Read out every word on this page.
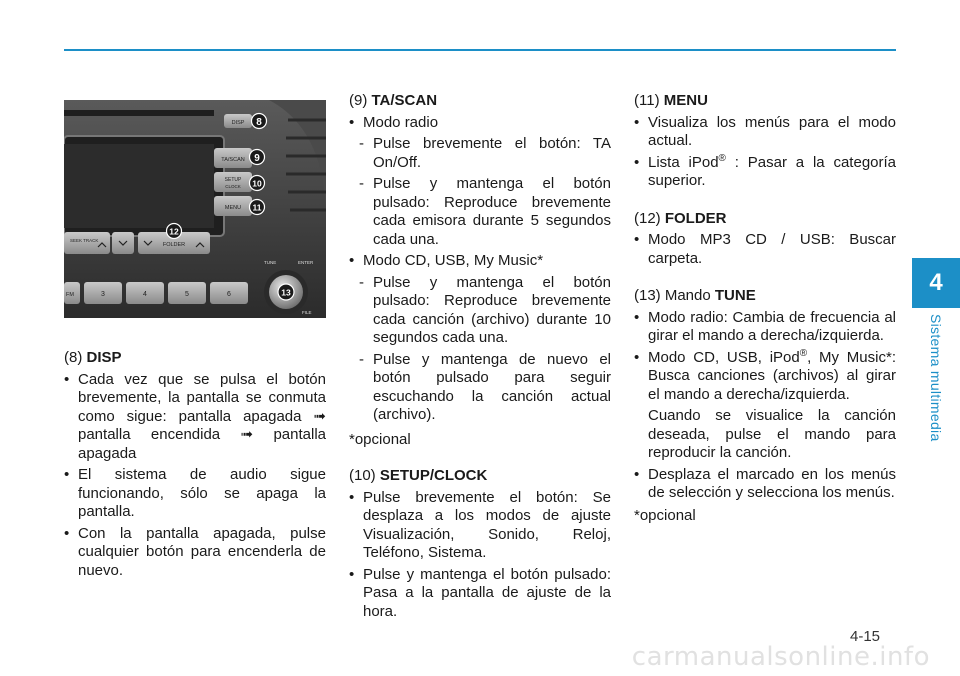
DISP
TA/SCAN
SETUP
CLOCK
MENU
SEEK TRACK
FOLDER
FM	3	4	5	6
TUNE	ENTER
FILE
8
9
10
11
12
13

(8) DISP

• Cada vez que se pulsa el botón brevemente, la pantalla se conmuta como sigue: pantalla apagada ➟ pantalla encendida ➟ pantalla apagada

• El sistema de audio sigue funcionando, sólo se apaga la pantalla.

• Con la pantalla apagada, pulse cualquier botón para encenderla de nuevo.

(9) TA/SCAN

• Modo radio

- Pulse brevemente el botón: TA On/Off.

- Pulse y mantenga el botón pulsado: Reproduce brevemente cada emisora durante 5 segundos cada una.

• Modo CD, USB, My Music*

- Pulse y mantenga el botón pulsado: Reproduce brevemente cada canción (archivo) durante 10 segundos cada una.

- Pulse y mantenga de nuevo el botón pulsado para seguir escuchando la canción actual (archivo).

*opcional

(10) SETUP/CLOCK

• Pulse brevemente el botón: Se desplaza a los modos de ajuste Visualización, Sonido, Reloj, Teléfono, Sistema.

• Pulse y mantenga el botón pulsado: Pasa a la pantalla de ajuste de la hora.

(11) MENU

• Visualiza los menús para el modo actual.

• Lista iPod® : Pasar a la categoría superior.

(12) FOLDER

• Modo MP3 CD / USB: Buscar carpeta.

(13) Mando TUNE

• Modo radio: Cambia de frecuencia al girar el mando a derecha/izquierda.

• Modo CD, USB, iPod®, My Music*: Busca canciones (archivos) al girar el mando a derecha/izquierda.

Cuando se visualice la canción deseada, pulse el mando para reproducir la canción.

• Desplaza el marcado en los menús de selección y selecciona los menús.

*opcional

4
Sistema multimedia
4-15
carmanualsonline.info
